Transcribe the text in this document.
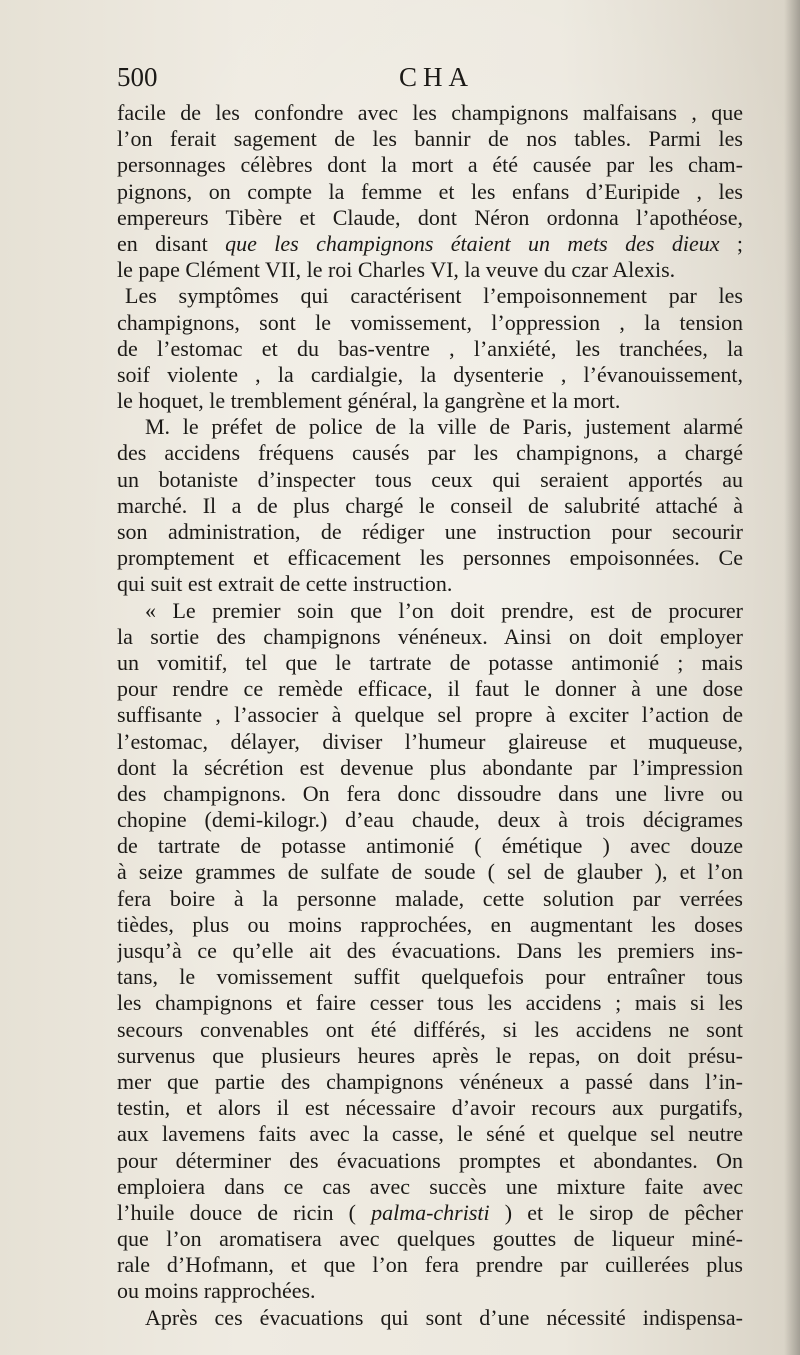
500	CHA
facile de les confondre avec les champignons malfaisans , que
l’on ferait sagement de les bannir de nos tables. Parmi les
personnages célèbres dont la mort a été causée par les cham-
pignons, on compte la femme et les enfans d’Euripide , les
empereurs Tibère et Claude, dont Néron ordonna l’apothéose,
en disant que les champignons étaient un mets des dieux ;
le pape Clément VII, le roi Charles VI, la veuve du czar Alexis.
Les symptômes qui caractérisent l’empoisonnement par les
champignons, sont le vomissement, l’oppression , la tension
de l’estomac et du bas-ventre , l’anxiété, les tranchées, la
soif violente , la cardialgie, la dysenterie , l’évanouissement,
le hoquet, le tremblement général, la gangrène et la mort.
M. le préfet de police de la ville de Paris, justement alarmé
des accidens fréquens causés par les champignons, a chargé
un botaniste d’inspecter tous ceux qui seraient apportés au
marché. Il a de plus chargé le conseil de salubrité attaché à
son administration, de rédiger une instruction pour secourir
promptement et efficacement les personnes empoisonnées. Ce
qui suit est extrait de cette instruction.
« Le premier soin que l’on doit prendre, est de procurer
la sortie des champignons vénéneux. Ainsi on doit employer
un vomitif, tel que le tartrate de potasse antimonié ; mais
pour rendre ce remède efficace, il faut le donner à une dose
suffisante , l’associer à quelque sel propre à exciter l’action de
l’estomac, délayer, diviser l’humeur glaireuse et muqueuse,
dont la sécrétion est devenue plus abondante par l’impression
des champignons. On fera donc dissoudre dans une livre ou
chopine (demi-kilogr.) d’eau chaude, deux à trois décigrames
de tartrate de potasse antimonié ( émétique ) avec douze
à seize grammes de sulfate de soude ( sel de glauber ), et l’on
fera boire à la personne malade, cette solution par verrées
tièdes, plus ou moins rapprochées, en augmentant les doses
jusqu’à ce qu’elle ait des évacuations. Dans les premiers ins-
tans, le vomissement suffit quelquefois pour entraîner tous
les champignons et faire cesser tous les accidens ; mais si les
secours convenables ont été différés, si les accidens ne sont
survenus que plusieurs heures après le repas, on doit présu-
mer que partie des champignons vénéneux a passé dans l’in-
testin, et alors il est nécessaire d’avoir recours aux purgatifs,
aux lavemens faits avec la casse, le séné et quelque sel neutre
pour déterminer des évacuations promptes et abondantes. On
emploiera dans ce cas avec succès une mixture faite avec
l’huile douce de ricin ( palma-christi ) et le sirop de pêcher
que l’on aromatisera avec quelques gouttes de liqueur miné-
rale d’Hofmann, et que l’on fera prendre par cuillerées plus
ou moins rapprochées.
Après ces évacuations qui sont d’une nécessité indispensa-
